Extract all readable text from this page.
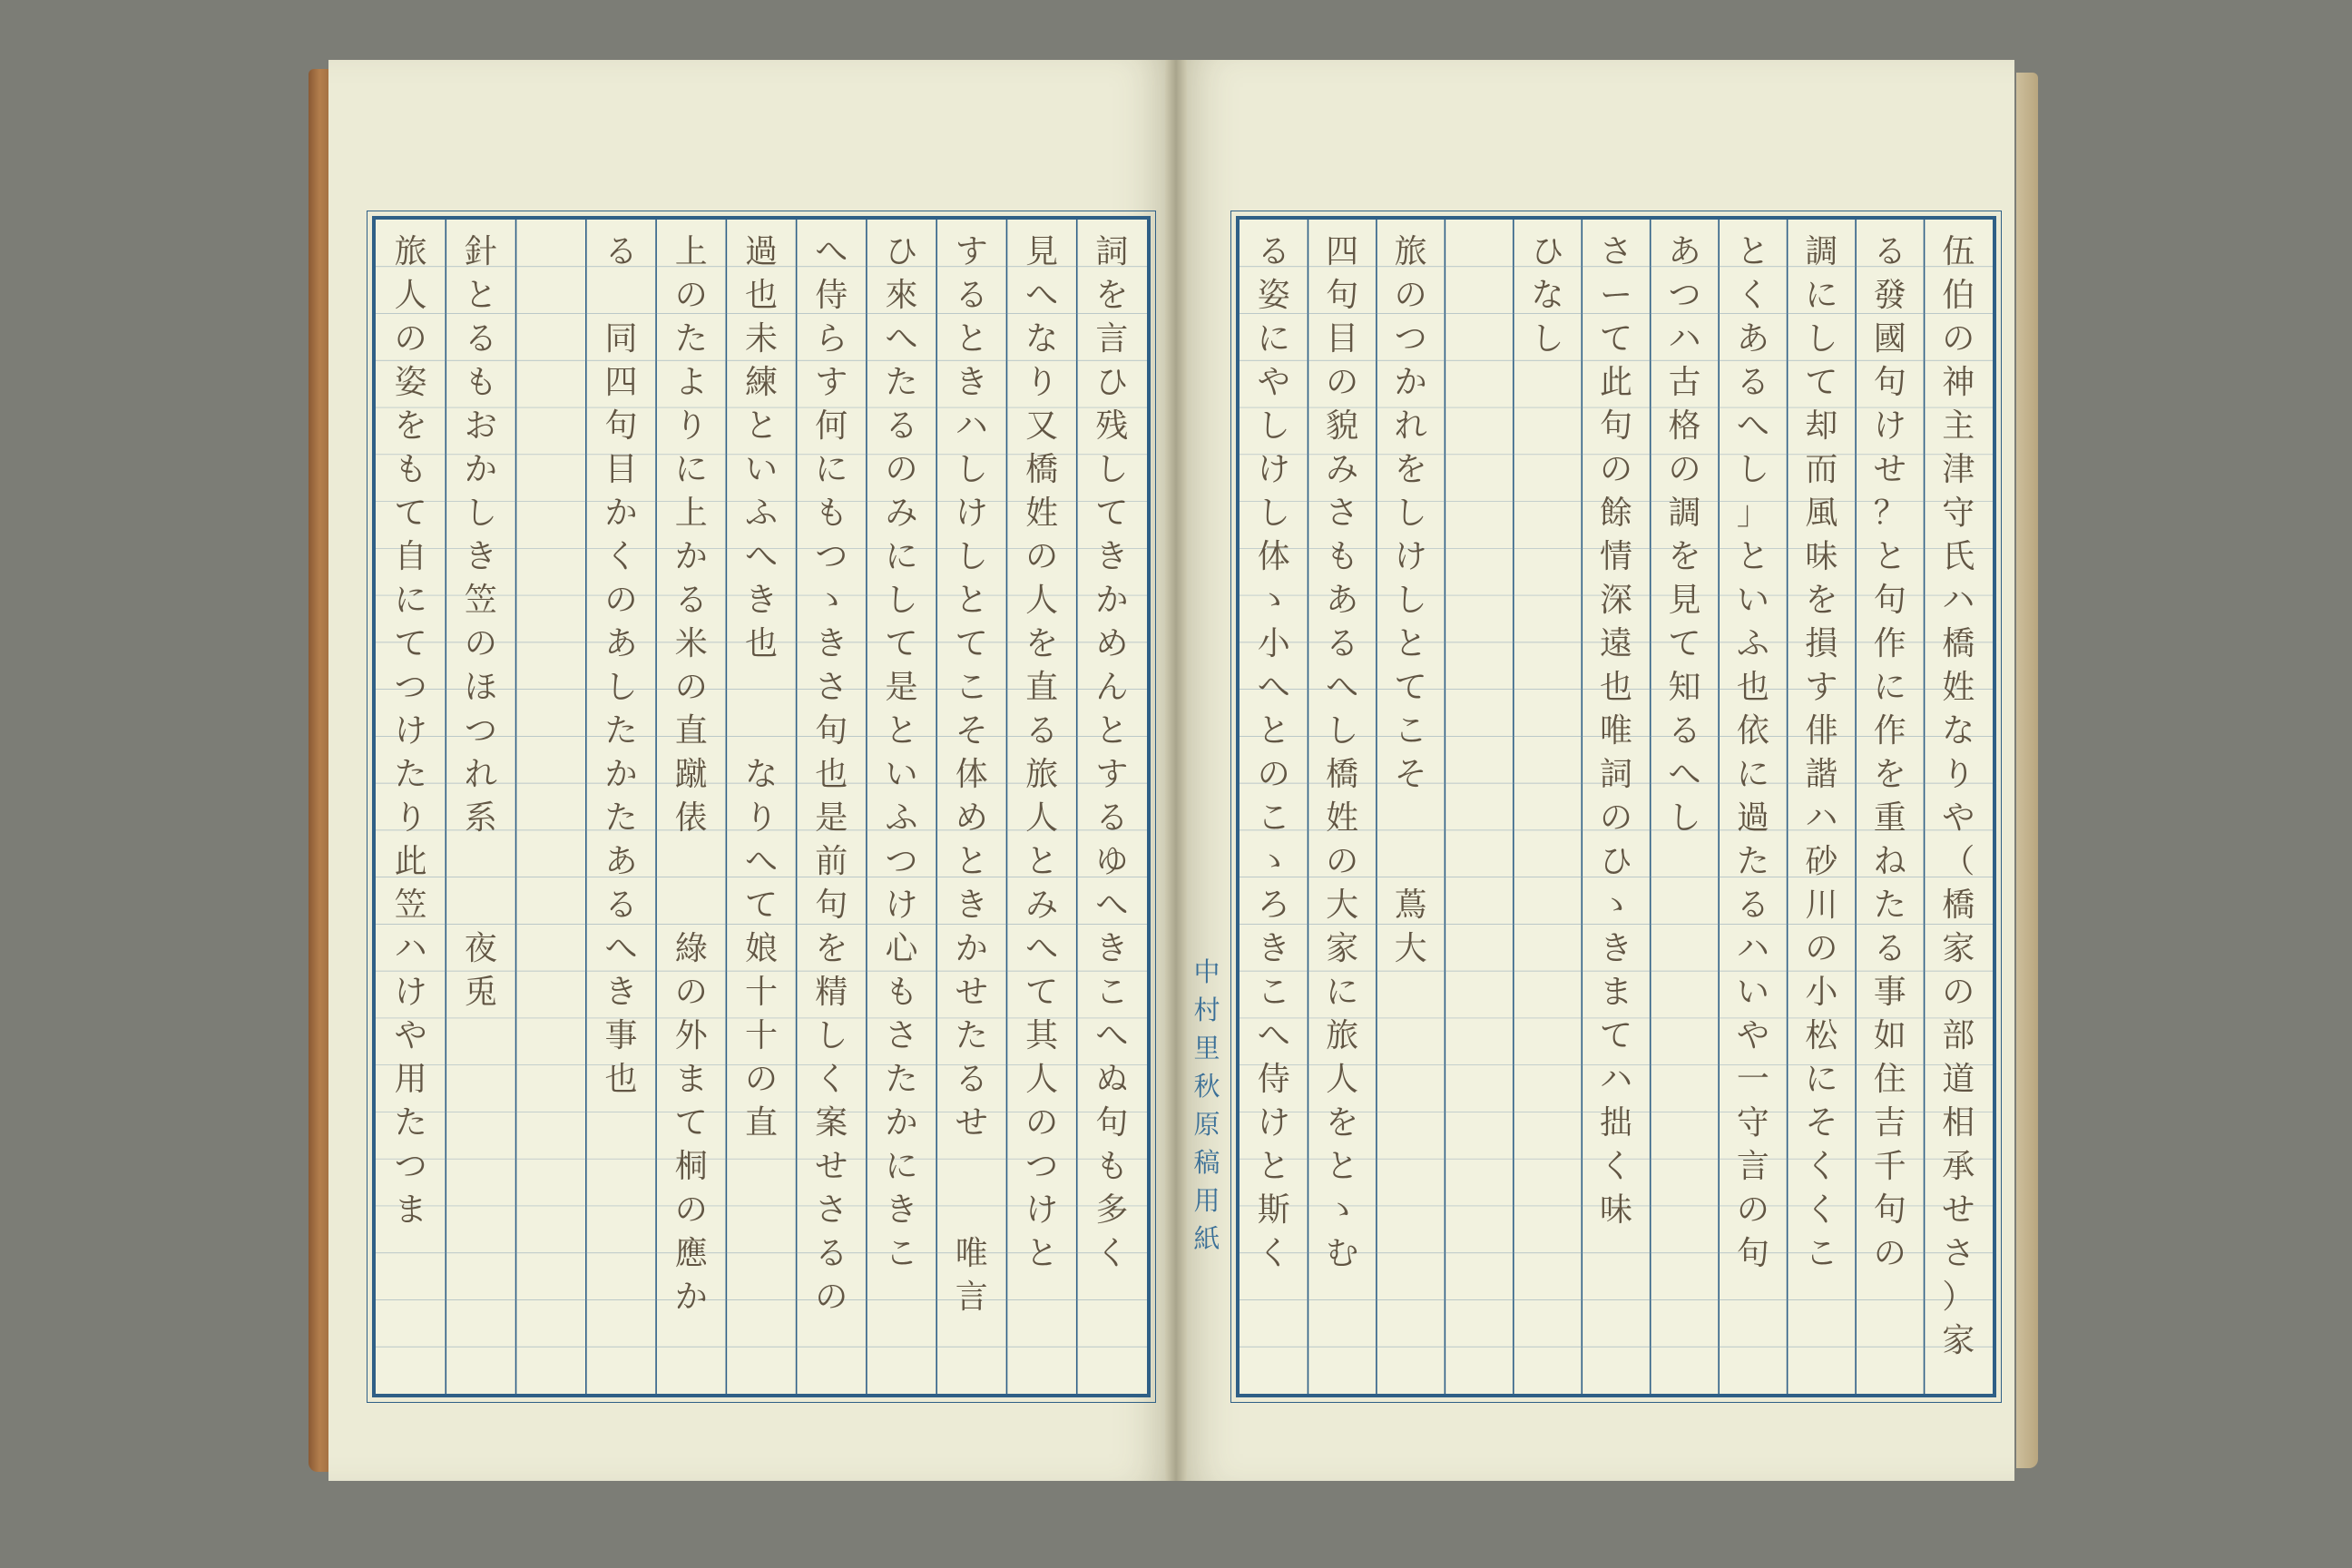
詞
を
言
ひ
残
し
て
き
か
め
ん
と
す
る
ゆ
へ
き
こ
へ
ぬ
句
も
多
く
見
へ
な
り
又
橋
姓
の
人
を
直
る
旅
人
と
み
へ
て
其
人
の
つ
け
と
す
る
と
き
ハ
し
け
し
と
て
こ
そ
体
め
と
き
か
せ
た
る
せ

唯
言
ひ
來
へ
た
る
の
み
に
し
て
是
と
い
ふ
つ
け
心
も
さ
た
か
に
き
こ
へ
侍
ら
す
何
に
も
つ
ゝ
き
さ
句
也
是
前
句
を
精
し
く
案
せ
さ
る
の
過
也
未
練
と
い
ふ
へ
き
也

な
り
へ
て
娘
十
十
の
直
上
の
た
よ
り
に
上
か
る
米
の
直
蹴
俵

綠
の
外
ま
て
桐
の
應
か
る

同
四
句
目
か
く
の
あ
し
た
か
た
あ
る
へ
き
事
也
針
と
る
も
お
か
し
き
笠
の
ほ
つ
れ
系

夜
兎
旅
人
の
姿
を
も
て
自
に
て
つ
け
た
り
此
笠
ハ
け
や
用
た
つ
ま
伍
伯
の
神
主
津
守
氏
ハ
橋
姓
な
り
や
（
橋
家
の
部
道
相
承
せ
さ
）
家
る
發
國
句
け
せ
？
と
句
作
に
作
を
重
ね
た
る
事
如
住
吉
千
句
の
調
に
し
て
却
而
風
味
を
損
す
俳
諧
ハ
砂
川
の
小
松
に
そ
く
く
こ
と
く
あ
る
へ
し
」
と
い
ふ
也
依
に
過
た
る
ハ
い
や
一
守
言
の
句
あ
つ
ハ
古
格
の
調
を
見
て
知
る
へ
し
さ
ー
て
此
句
の
餘
情
深
遠
也
唯
詞
の
ひ
ゝ
き
ま
て
ハ
拙
く
味
ひ
な
し
旅
の
つ
か
れ
を
し
け
し
と
て
こ
そ

蔦
大
四
句
目
の
貌
み
さ
も
あ
る
へ
し
橋
姓
の
大
家
に
旅
人
を
と
ゝ
む
る
姿
に
や
し
け
し
体
ゝ
小
へ
と
の
こ
ゝ
ろ
き
こ
へ
侍
け
と
斯
く
中
村
里
秋
原
稿
用
紙
